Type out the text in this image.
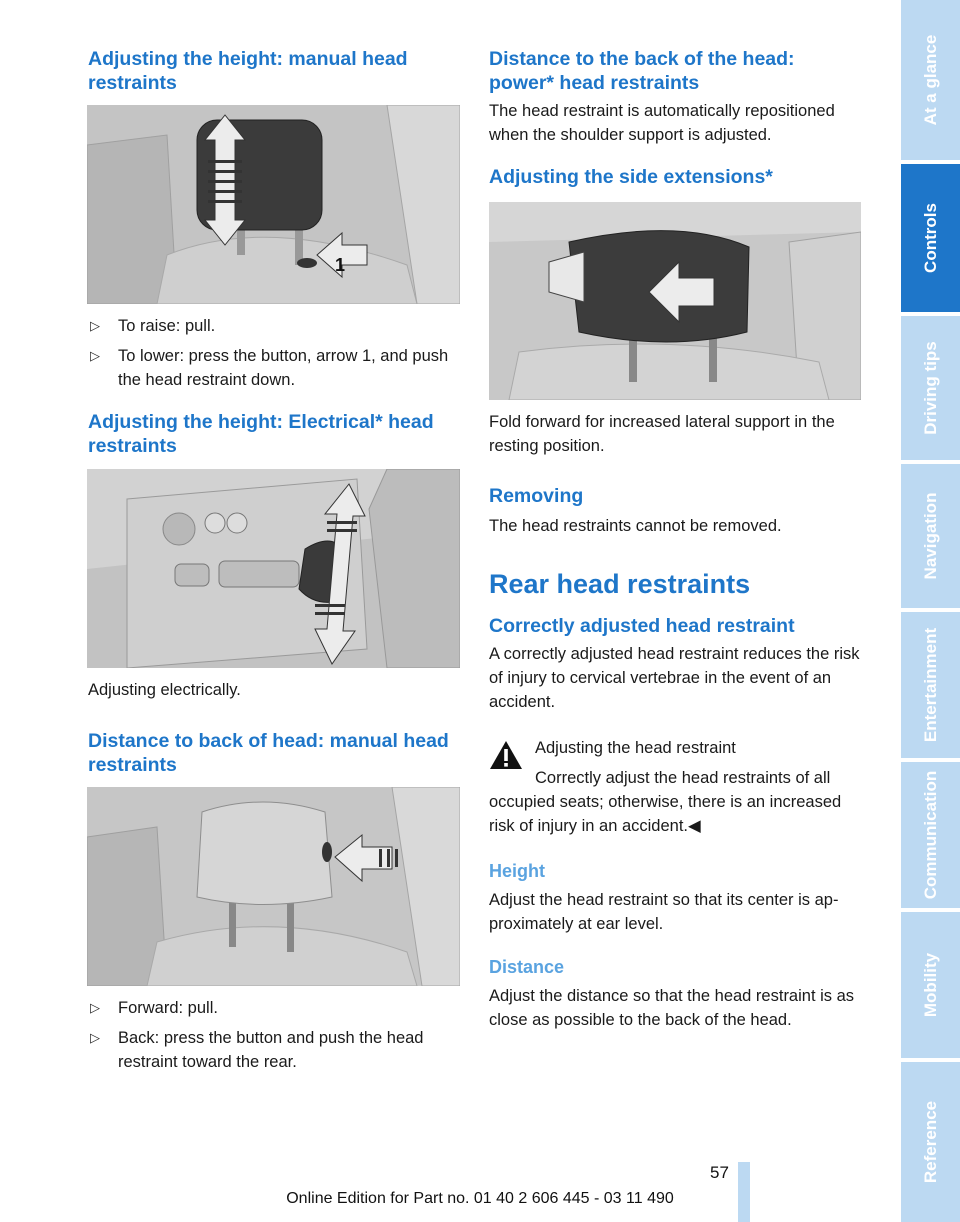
Adjusting the height: manual head restraints
1
▷ To raise: pull.
▷ To lower: press the button, arrow 1, and push the head restraint down.
Adjusting the height: Electrical* head restraints

Adjusting electrically.

Distance to back of head: manual head restraints
▷ Forward: pull.
▷ Back: press the button and push the head restraint toward the rear.
Distance to the back of the head: power* head restraints

The head restraint is automatically repositioned when the shoulder support is adjusted.

Adjusting the side extensions*

Fold forward for increased lateral support in the resting position.

Removing

The head restraints cannot be removed.

Rear head restraints
Correctly adjusted head restraint

A correctly adjusted head restraint reduces the risk of injury to cervical vertebrae in the event of an accident.

Adjusting the head restraint

Correctly adjust the head restraints of all

occupied seats; otherwise, there is an increased risk of injury in an accident.◀

Height

Adjust the head restraint so that its center is ap-

proximately at ear level.

Distance

Adjust the distance so that the head restraint is as close as possible to the back of the head.

At a glance
Controls
Driving tips
Navigation
Entertainment
Communication
Mobility
Reference
57
Online Edition for Part no. 01 40 2 606 445 - 03 11 490
